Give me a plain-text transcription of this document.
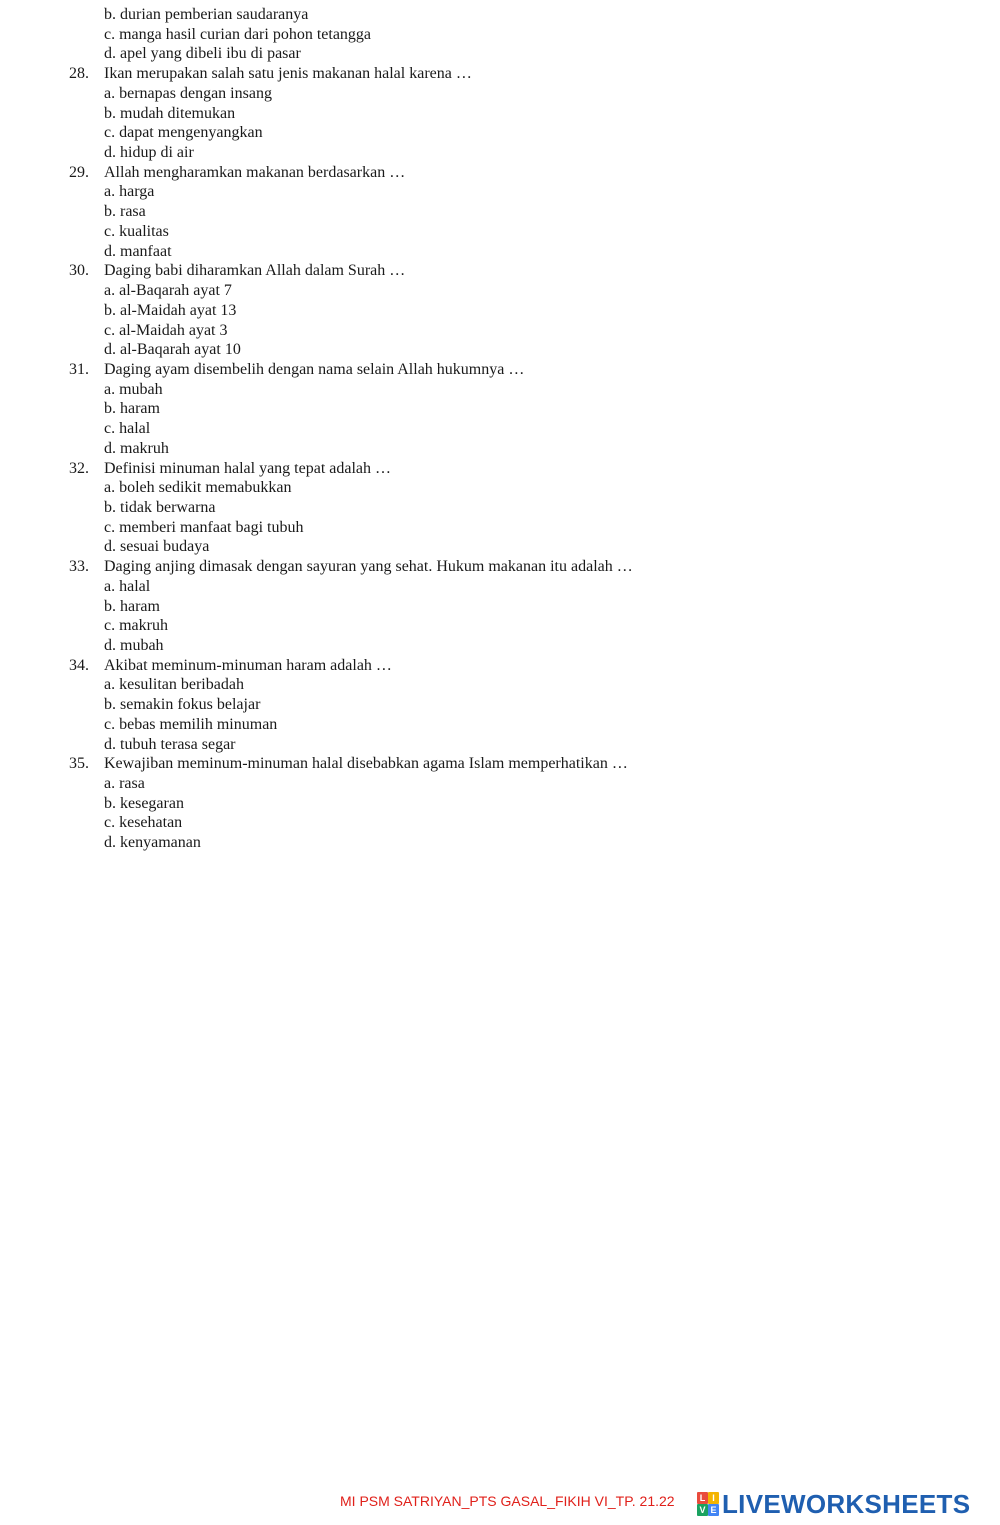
b. durian pemberian saudaranya
c. manga hasil curian dari pohon tetangga
d. apel yang dibeli ibu di pasar
28. Ikan merupakan salah satu jenis makanan halal karena …
a. bernapas dengan insang
b. mudah ditemukan
c. dapat mengenyangkan
d. hidup di air
29. Allah mengharamkan makanan berdasarkan …
a. harga
b. rasa
c. kualitas
d. manfaat
30. Daging babi diharamkan Allah dalam Surah …
a. al-Baqarah ayat 7
b. al-Maidah ayat 13
c. al-Maidah ayat 3
d. al-Baqarah ayat 10
31. Daging ayam disembelih dengan nama selain Allah hukumnya …
a. mubah
b. haram
c. halal
d. makruh
32. Definisi minuman halal yang tepat adalah …
a. boleh sedikit memabukkan
b. tidak berwarna
c. memberi manfaat bagi tubuh
d. sesuai budaya
33. Daging anjing dimasak dengan sayuran yang sehat. Hukum makanan itu adalah …
a. halal
b. haram
c. makruh
d. mubah
34. Akibat meminum-minuman haram adalah …
a. kesulitan beribadah
b. semakin fokus belajar
c. bebas memilih minuman
d. tubuh terasa segar
35. Kewajiban meminum-minuman halal disebabkan agama Islam memperhatikan …
a. rasa
b. kesegaran
c. kesehatan
d. kenyamanan
MI PSM SATRIYAN_PTS GASAL_FIKIH VI_TP. 21.22	L I
V E LIVEWORKSHEETS
